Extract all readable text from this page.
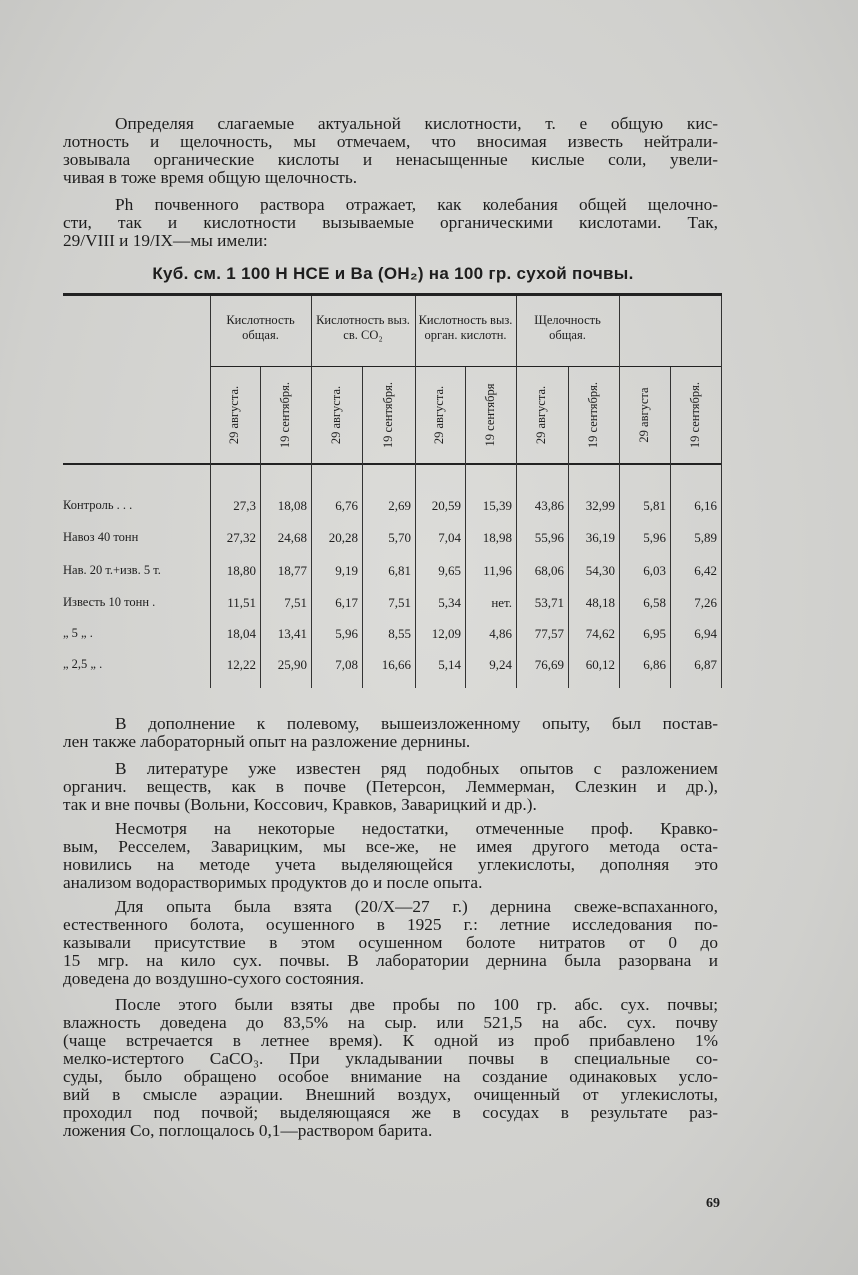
Определяя слагаемые актуальной кислотности, т. е общую кис-
лотность и щелочность, мы отмечаем, что вносимая известь нейтрали-
зовывала органические кислоты и ненасыщенные кислые соли, увели-
чивая в тоже время общую щелочность.
Ph почвенного раствора отражает, как колебания общей щелочно-
сти, так и кислотности вызываемые органическими кислотами. Так,
29/VIII и 19/IX—мы имели:
Куб. см. 1 100 Н НСЕ и Ва (ОН₂) на 100 гр. сухой почвы.
Кислотность общая.
Кислотность выз. св. CO₂
Кислотность выз. орган. кислотн.
Щелочность общая.
29 августа.	19 сентября.	29 августа.	19 сентября.	29 августа.	19 сентября	29 августа.	19 сентября.	29 августа	19 сентября.
Контроль . . .	27,3	18,08	6,76	2,69	20,59	15,39	43,86	32,99	5,81	6,16
Навоз 40 тонн	27,32	24,68	20,28	5,70	7,04	18,98	55,96	36,19	5,96	5,89
Нав. 20 т.+изв. 5 т.	18,80	18,77	9,19	6,81	9,65	11,96	68,06	54,30	6,03	6,42
Известь 10 тонн .	11,51	7,51	6,17	7,51	5,34	нет.	53,71	48,18	6,58	7,26
„ 5 „ .	18,04	13,41	5,96	8,55	12,09	4,86	77,57	74,62	6,95	6,94
„ 2,5 „ .	12,22	25,90	7,08	16,66	5,14	9,24	76,69	60,12	6,86	6,87
В дополнение к полевому, вышеизложенному опыту, был постав-
лен также лабораторный опыт на разложение дернины.
В литературе уже известен ряд подобных опытов с разложением
органич. веществ, как в почве (Петерсон, Леммерман, Слезкин и др.),
так и вне почвы (Вольни, Коссович, Кравков, Заварицкий и др.).
Несмотря на некоторые недостатки, отмеченные проф. Кравко-
вым, Ресселем, Заварицким, мы все-же, не имея другого метода оста-
новились на методе учета выделяющейся углекислоты, дополняя это
анализом водорастворимых продуктов до и после опыта.
Для опыта была взята (20/X—27 г.) дернина свеже-вспаханного,
естественного болота, осушенного в 1925 г.: летние исследования по-
казывали присутствие в этом осушенном болоте нитратов от 0 до
15 мгр. на кило сух. почвы. В лаборатории дернина была разорвана и
доведена до воздушно-сухого состояния.
После этого были взяты две пробы по 100 гр. абс. сух. почвы;
влажность доведена до 83,5% на сыр. или 521,5 на абс. сух. почву
(чаще встречается в летнее время). К одной из проб прибавлено 1%
мелко-истертого CaCO₃. При укладывании почвы в специальные со-
суды, было обращено особое внимание на создание одинаковых усло-
вий в смысле аэрации. Внешний воздух, очищенный от углекислоты,
проходил под почвой; выделяющаяся же в сосудах в результате раз-
ложения Co, поглощалось 0,1—раствором барита.
69
